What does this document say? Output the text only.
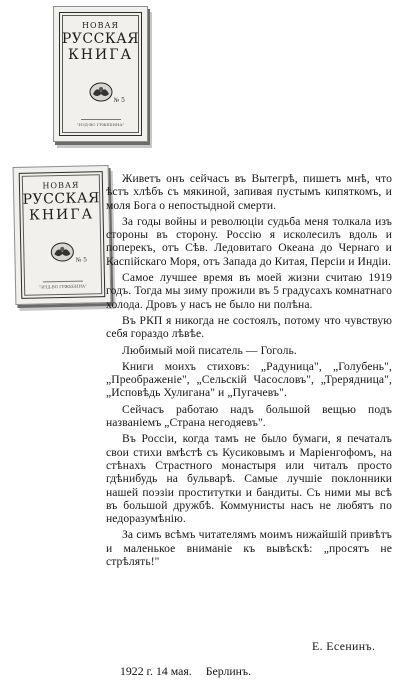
НОВАЯ
РУССКАЯ
КНИГА
№ 5
"ИЗД-ВО ГРЖЕБИНА"
НОВАЯ
РУССКАЯ
КНИГА
№ 5
"ИЗД-ВО ГРЖЕБИНА"

Живетъ онъ сейчасъ въ Вытегрѣ, пишетъ мнѣ, что ѣстъ хлѣбъ съ мякиной, запивая пустымъ кипяткомъ, и моля Бога о непостыдной смерти.

За годы войны и революціи судьба меня толкала изъ стороны въ сторону. Россію я исколесилъ вдоль и поперекъ, отъ Сѣв. Ледовитаго Океана до Чернаго и Каспійскаго Моря, отъ Запада до Китая, Персіи и Индіи.

Самое лучшее время въ моей жизни считаю 1919 годъ. Тогда мы зиму прожили въ 5 градусахъ комнатнаго холода. Дровъ у насъ не было ни полѣна.

Въ РКП я никогда не состоялъ, потому что чувствую себя гораздо лѣвѣе.

Любимый мой писатель — Гоголь.

Книги моихъ стиховъ: „Радуница", „Голубень", „Преображеніе", „Сельскій Часословъ", „Трерядница", „Исповѣдь Хулигана" и „Пугачевъ".

Сейчасъ работаю надъ большой вещью подъ названіемъ „Страна негодяевъ".

Въ Россіи, когда тамъ не было бумаги, я печаталъ свои стихи вмѣстѣ съ Кусиковымъ и Маріенгофомъ, на стѣнахъ Страстного монастыря или читалъ просто гдѣнибудь на бульварѣ. Самые лучшіе поклонники нашей поэзіи проститутки и бандиты. Съ ними мы всѣ въ большой дружбѣ. Коммунисты насъ не любятъ по недоразумѣнію.

За симъ всѣмъ читателямъ моимъ нижайшій привѣтъ и маленькое вниманіе къ вывѣскѣ: „просятъ не стрѣлять!"

Е. Есенинъ.
1922 г. 14 мая. Берлинъ.
